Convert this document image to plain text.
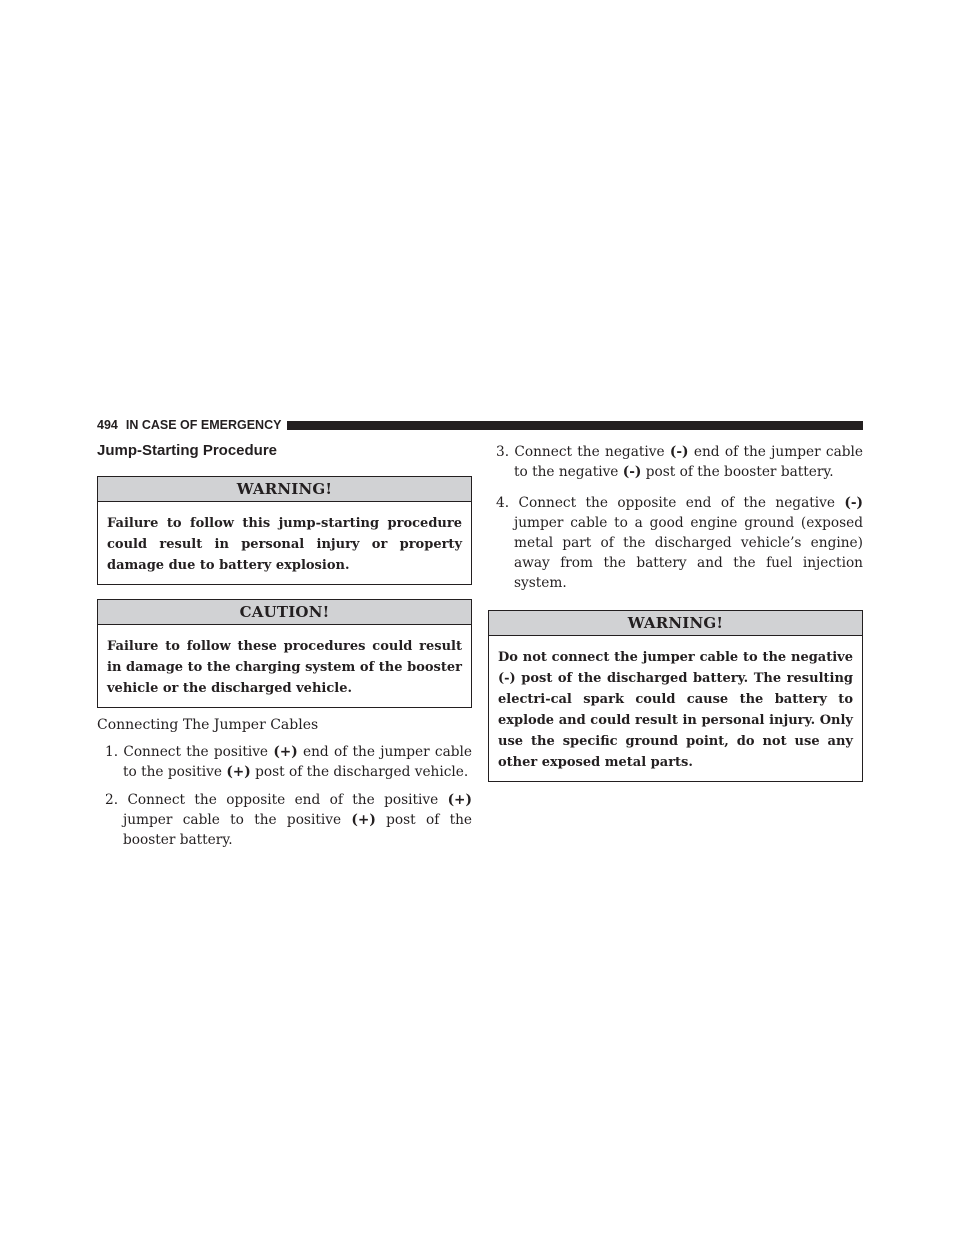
494 IN CASE OF EMERGENCY
Jump-Starting Procedure
WARNING!
Failure to follow this jump-starting procedure could result in personal injury or property damage due to battery explosion.
CAUTION!
Failure to follow these procedures could result in damage to the charging system of the booster vehicle or the discharged vehicle.

Connecting The Jumper Cables

1. Connect the positive (+) end of the jumper cable to the positive (+) post of the discharged vehicle.

2. Connect the opposite end of the positive (+) jumper cable to the positive (+) post of the booster battery.

3. Connect the negative (-) end of the jumper cable to the negative (-) post of the booster battery.

4. Connect the opposite end of the negative (-) jumper cable to a good engine ground (exposed metal part of the discharged vehicle’s engine) away from the battery and the fuel injection system.

WARNING!
Do not connect the jumper cable to the negative (-) post of the discharged battery. The resulting electri-cal spark could cause the battery to explode and could result in personal injury. Only use the specific ground point, do not use any other exposed metal parts.
